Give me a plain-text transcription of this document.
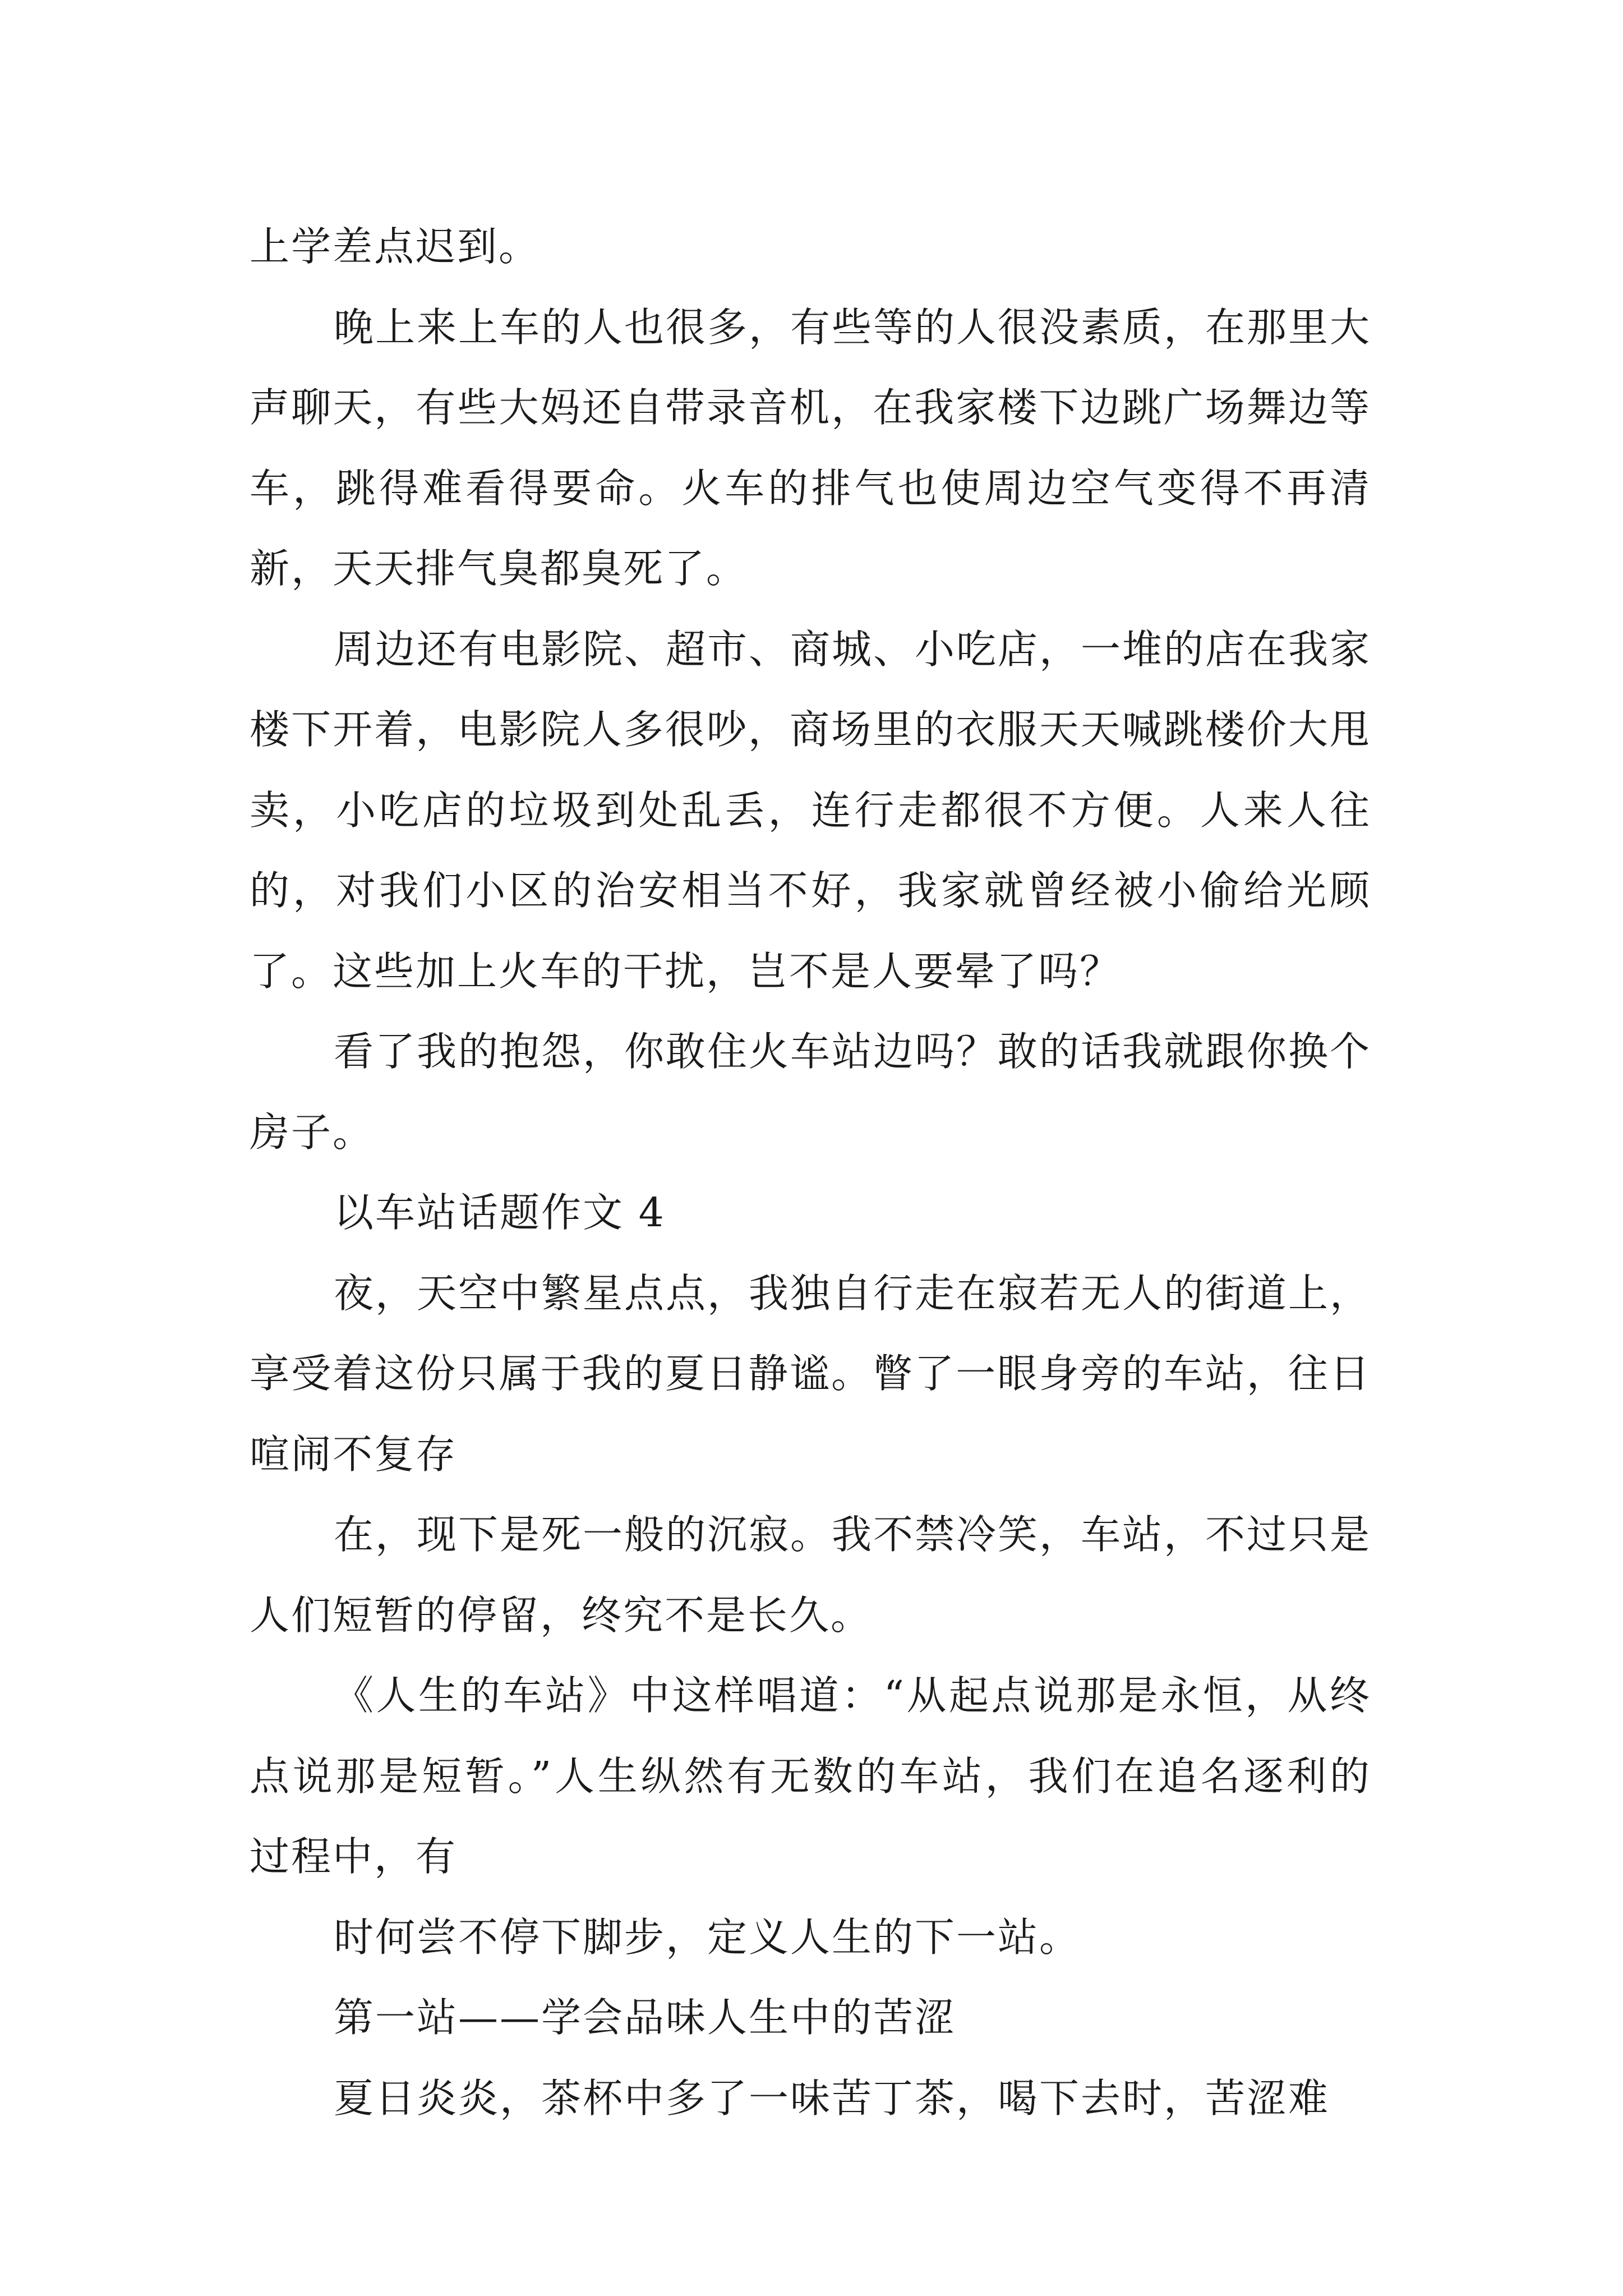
上学差点迟到。

晚上来上车的人也很多，有些等的人很没素质，在那里大声聊天，有些大妈还自带录音机，在我家楼下边跳广场舞边等车，跳得难看得要命。火车的排气也使周边空气变得不再清新，天天排气臭都臭死了。

周边还有电影院、超市、商城、小吃店，一堆的店在我家楼下开着，电影院人多很吵，商场里的衣服天天喊跳楼价大甩卖，小吃店的垃圾到处乱丢，连行走都很不方便。人来人往的，对我们小区的治安相当不好，我家就曾经被小偷给光顾了。这些加上火车的干扰，岂不是人要晕了吗？

看了我的抱怨，你敢住火车站边吗？敢的话我就跟你换个房子。

以车站话题作文 4

夜，天空中繁星点点，我独自行走在寂若无人的街道上，享受着这份只属于我的夏日静谧。瞥了一眼身旁的车站，往日喧闹不复存

在，现下是死一般的沉寂。我不禁冷笑，车站，不过只是人们短暂的停留，终究不是长久。

《人生的车站》中这样唱道：“从起点说那是永恒，从终点说那是短暂。”人生纵然有无数的车站，我们在追名逐利的过程中，有

时何尝不停下脚步，定义人生的下一站。

第一站——学会品味人生中的苦涩

夏日炎炎，茶杯中多了一味苦丁茶，喝下去时，苦涩难
